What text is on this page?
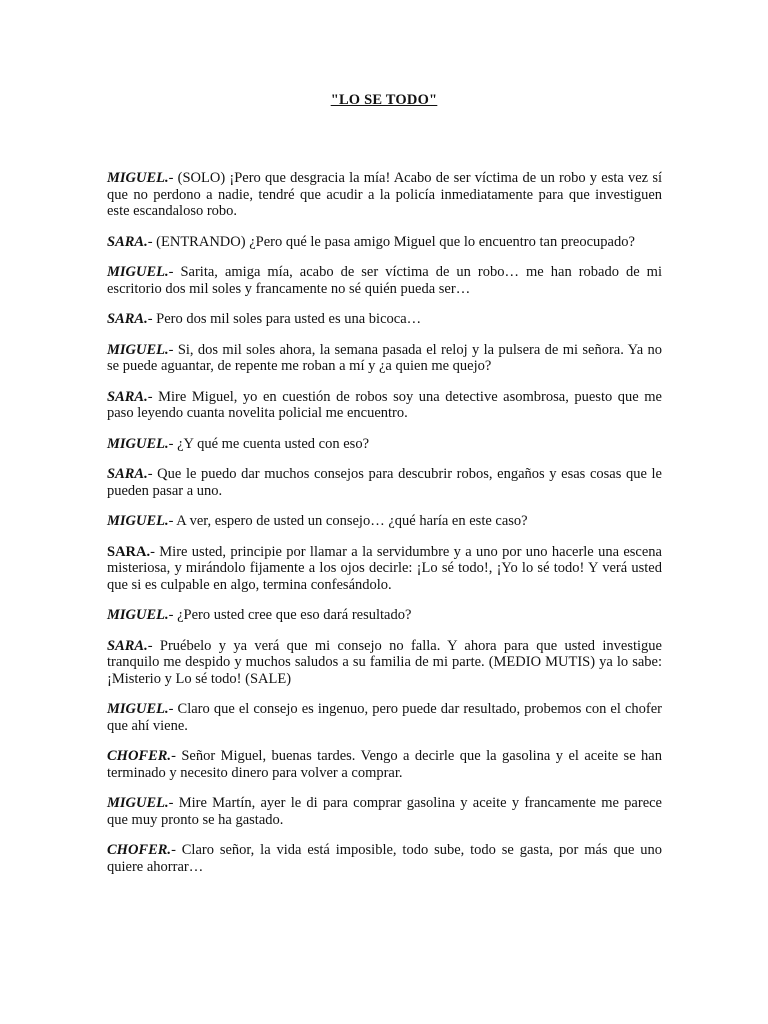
"LO SE TODO"

MIGUEL.- (SOLO) ¡Pero que desgracia la mía! Acabo de ser víctima de un robo y esta vez sí que no perdono a nadie, tendré que acudir a la policía inmediatamente para que investiguen este escandaloso robo.

SARA.- (ENTRANDO) ¿Pero qué le pasa amigo Miguel que lo encuentro tan preocupado?

MIGUEL.- Sarita, amiga mía, acabo de ser víctima de un robo… me han robado de mi escritorio dos mil soles y francamente no sé quién pueda ser…

SARA.- Pero dos mil soles para usted es una bicoca…

MIGUEL.- Si, dos mil soles ahora, la semana pasada el reloj y la pulsera de mi señora. Ya no se puede aguantar, de repente me roban a mí y ¿a quien me quejo?

SARA.- Mire Miguel, yo en cuestión de robos soy una detective asombrosa, puesto que me paso leyendo cuanta novelita policial me encuentro.

MIGUEL.- ¿Y qué me cuenta usted con eso?

SARA.- Que le puedo dar muchos consejos para descubrir robos, engaños y esas cosas que le pueden pasar a uno.

MIGUEL.- A ver, espero de usted un consejo… ¿qué haría en este caso?

SARA.- Mire usted, principie por llamar a la servidumbre y a uno por uno hacerle una escena misteriosa, y mirándolo fijamente a los ojos decirle: ¡Lo sé todo!, ¡Yo lo sé todo! Y verá usted que si es culpable en algo, termina confesándolo.

MIGUEL.- ¿Pero usted cree que eso dará resultado?

SARA.- Pruébelo y ya verá que mi consejo no falla. Y ahora para que usted investigue tranquilo me despido y muchos saludos a su familia de mi parte. (MEDIO MUTIS) ya lo sabe: ¡Misterio y Lo sé todo! (SALE)

MIGUEL.- Claro que el consejo es ingenuo, pero puede dar resultado, probemos con el chofer que ahí viene.

CHOFER.- Señor Miguel, buenas tardes. Vengo a decirle que la gasolina y el aceite se han terminado y necesito dinero para volver a comprar.

MIGUEL.- Mire Martín, ayer le di para comprar gasolina y aceite y francamente me parece que muy pronto se ha gastado.

CHOFER.- Claro señor, la vida está imposible, todo sube, todo se gasta, por más que uno quiere ahorrar…
